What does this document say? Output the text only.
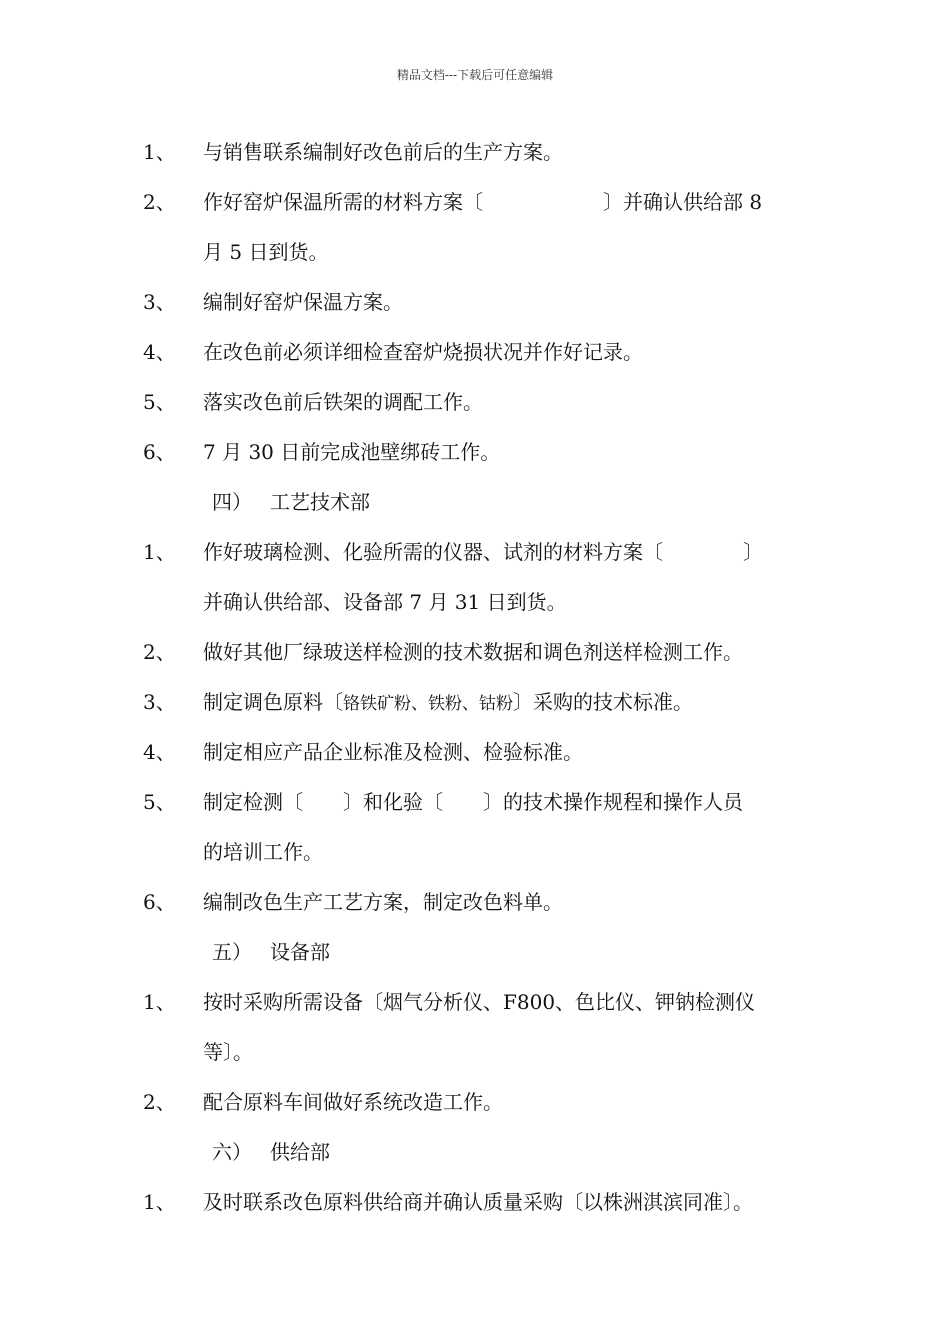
精品文档---下载后可任意编辑
1、 与销售联系编制好改色前后的生产方案。
2、 作好窑炉保温所需的材料方案〔　　　　　　〕并确认供给部 8
月 5 日到货。
3、 编制好窑炉保温方案。
4、 在改色前必须详细检查窑炉烧损状况并作好记录。
5、 落实改色前后铁架的调配工作。
6、 7 月 30 日前完成池壁绑砖工作。
四） 工艺技术部
1、 作好玻璃检测、化验所需的仪器、试剂的材料方案〔　　　　〕
并确认供给部、设备部 7 月 31 日到货。
2、 做好其他厂绿玻送样检测的技术数据和调色剂送样检测工作。
3、 制定调色原料〔铬铁矿粉、铁粉、钴粉〕采购的技术标准。
4、 制定相应产品企业标准及检测、检验标准。
5、 制定检测〔　　〕和化验〔　　〕的技术操作规程和操作人员
的培训工作。
6、 编制改色生产工艺方案，制定改色料单。
五） 设备部
1、 按时采购所需设备〔烟气分析仪、F800、色比仪、钾钠检测仪
等〕。
2、 配合原料车间做好系统改造工作。
六） 供给部
1、 及时联系改色原料供给商并确认质量采购〔以株洲淇滨同准〕。
